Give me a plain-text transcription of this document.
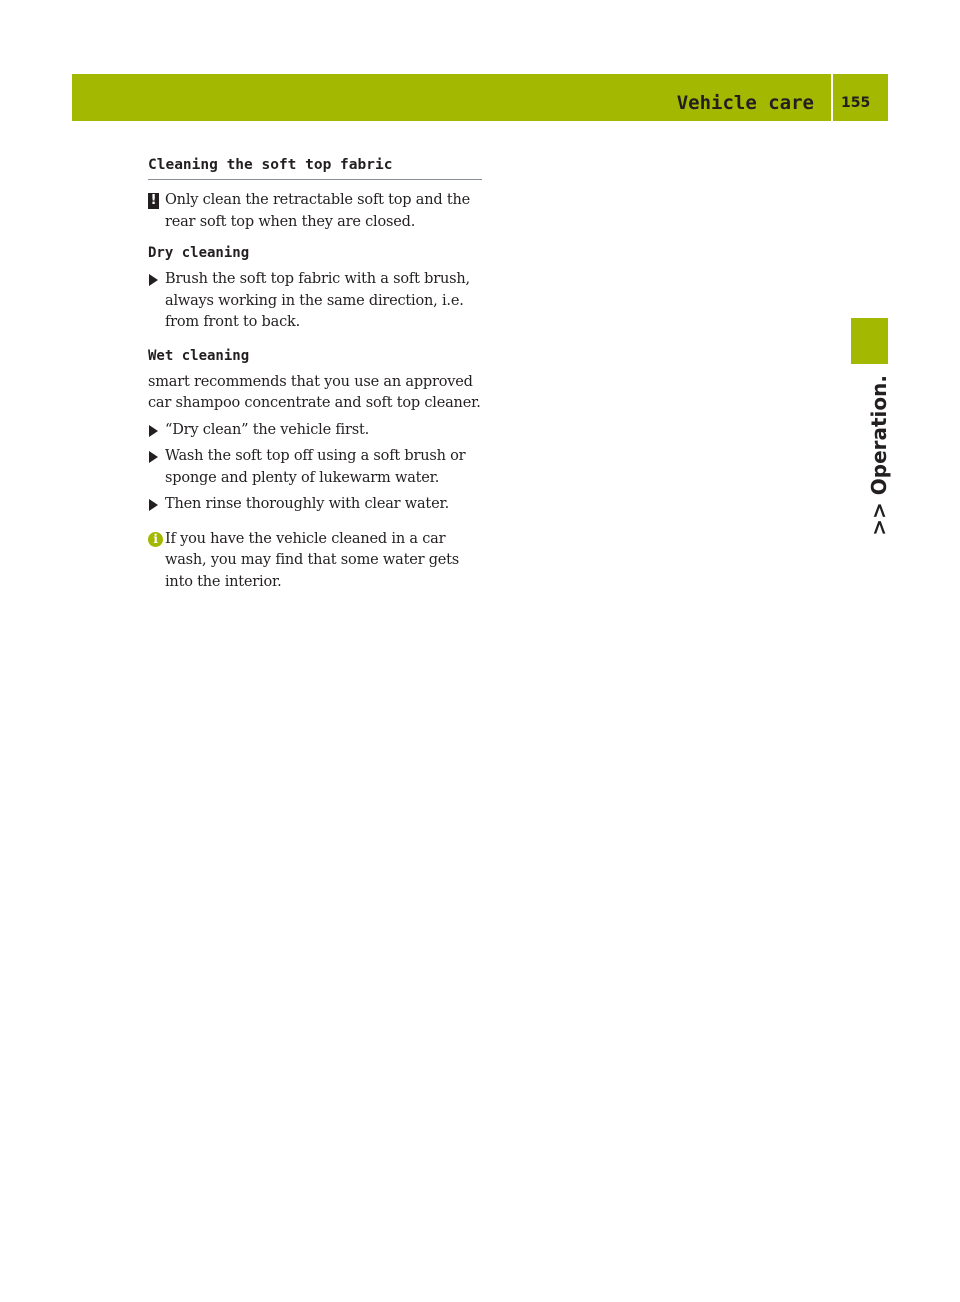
Vehicle care	155
>> Operation.
Cleaning the soft top fabric
! Only clean the retractable soft top and the rear soft top when they are closed.
Dry cleaning
Brush the soft top fabric with a soft brush, always working in the same direction, i.e. from front to back.
Wet cleaning
smart recommends that you use an approved car shampoo concentrate and soft top cleaner.
“Dry clean” the vehicle first.
Wash the soft top off using a soft brush or sponge and plenty of lukewarm water.
Then rinse thoroughly with clear water.
i If you have the vehicle cleaned in a car wash, you may find that some water gets into the interior.
